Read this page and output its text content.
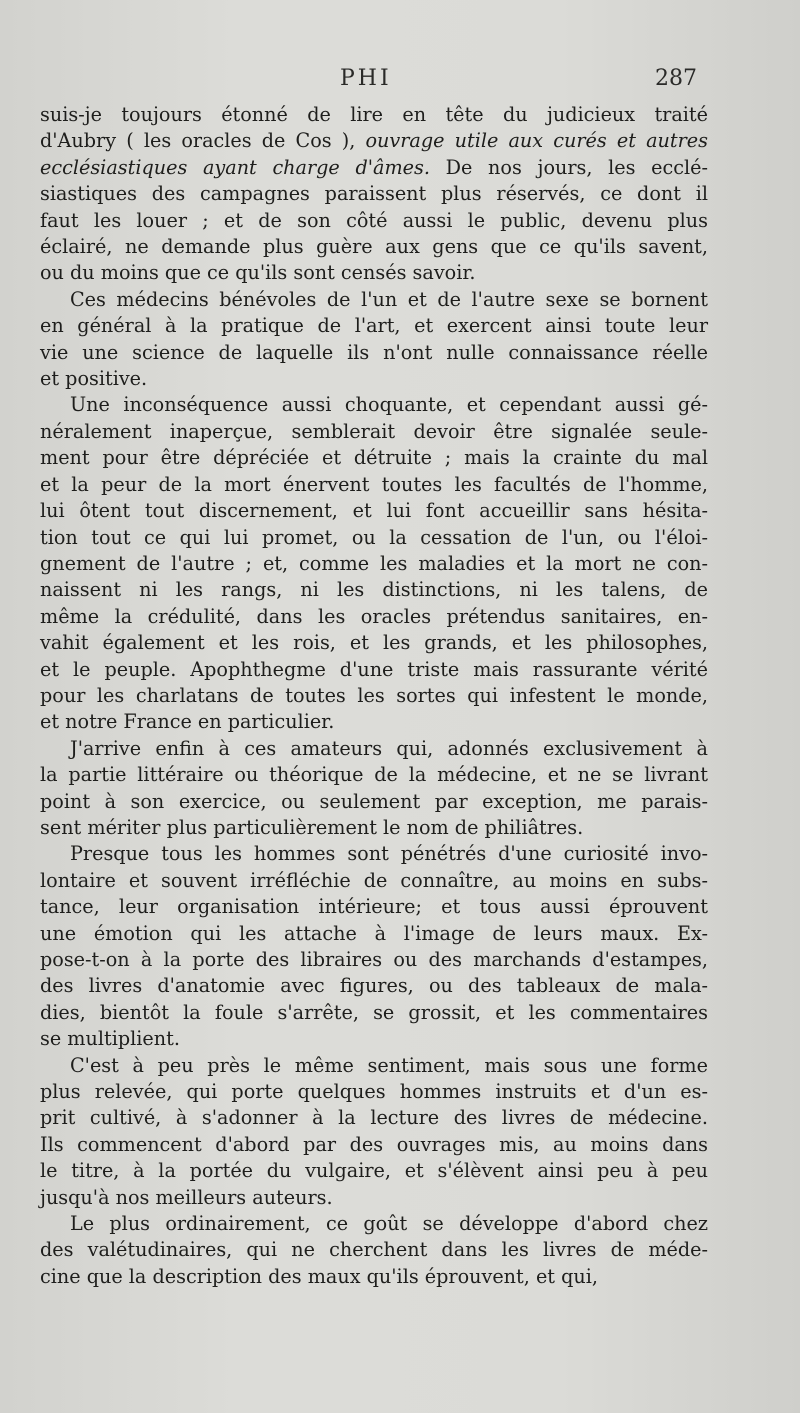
PHI	287
suis-je toujours étonné de lire en tête du judicieux traité
d'Aubry ( les oracles de Cos ), ouvrage utile aux curés et autres
ecclésiastiques ayant charge d'âmes. De nos jours, les ecclé-
siastiques des campagnes paraissent plus réservés, ce dont il
faut les louer ; et de son côté aussi le public, devenu plus
éclairé, ne demande plus guère aux gens que ce qu'ils savent,
ou du moins que ce qu'ils sont censés savoir.
Ces médecins bénévoles de l'un et de l'autre sexe se bornent
en général à la pratique de l'art, et exercent ainsi toute leur
vie une science de laquelle ils n'ont nulle connaissance réelle
et positive.
Une inconséquence aussi choquante, et cependant aussi gé-
néralement inaperçue, semblerait devoir être signalée seule-
ment pour être dépréciée et détruite ; mais la crainte du mal
et la peur de la mort énervent toutes les facultés de l'homme,
lui ôtent tout discernement, et lui font accueillir sans hésita-
tion tout ce qui lui promet, ou la cessation de l'un, ou l'éloi-
gnement de l'autre ; et, comme les maladies et la mort ne con-
naissent ni les rangs, ni les distinctions, ni les talens, de
même la crédulité, dans les oracles prétendus sanitaires, en-
vahit également et les rois, et les grands, et les philosophes,
et le peuple. Apophthegme d'une triste mais rassurante vérité
pour les charlatans de toutes les sortes qui infestent le monde,
et notre France en particulier.
J'arrive enfin à ces amateurs qui, adonnés exclusivement à
la partie littéraire ou théorique de la médecine, et ne se livrant
point à son exercice, ou seulement par exception, me parais-
sent mériter plus particulièrement le nom de philiâtres.
Presque tous les hommes sont pénétrés d'une curiosité invo-
lontaire et souvent irréfléchie de connaître, au moins en subs-
tance, leur organisation intérieure; et tous aussi éprouvent
une émotion qui les attache à l'image de leurs maux. Ex-
pose-t-on à la porte des libraires ou des marchands d'estampes,
des livres d'anatomie avec figures, ou des tableaux de mala-
dies, bientôt la foule s'arrête, se grossit, et les commentaires
se multiplient.
C'est à peu près le même sentiment, mais sous une forme
plus relevée, qui porte quelques hommes instruits et d'un es-
prit cultivé, à s'adonner à la lecture des livres de médecine.
Ils commencent d'abord par des ouvrages mis, au moins dans
le titre, à la portée du vulgaire, et s'élèvent ainsi peu à peu
jusqu'à nos meilleurs auteurs.
Le plus ordinairement, ce goût se développe d'abord chez
des valétudinaires, qui ne cherchent dans les livres de méde-
cine que la description des maux qu'ils éprouvent, et qui,
